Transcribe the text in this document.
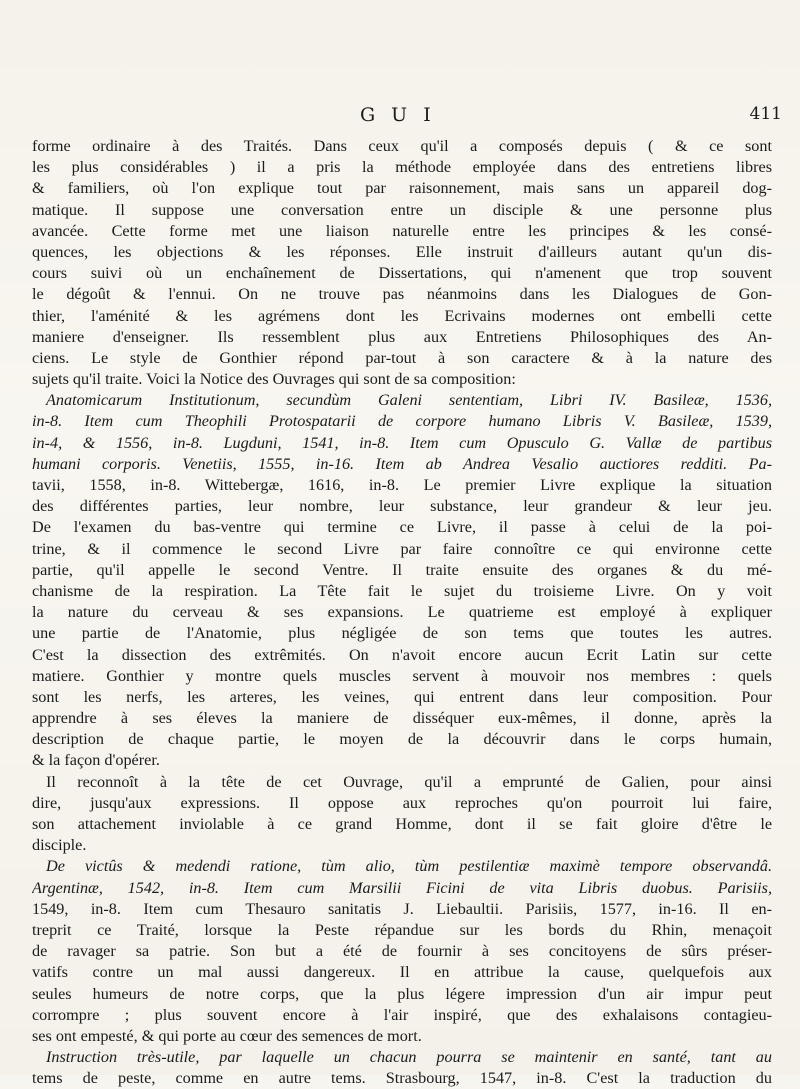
GUI	411
forme ordinaire à des Traités. Dans ceux qu'il a composés depuis ( & ce sont
les plus considérables ) il a pris la méthode employée dans des entretiens libres
& familiers, où l'on explique tout par raisonnement, mais sans un appareil dog-
matique. Il suppose une conversation entre un disciple & une personne plus
avancée. Cette forme met une liaison naturelle entre les principes & les consé-
quences, les objections & les réponses. Elle instruit d'ailleurs autant qu'un dis-
cours suivi où un enchaînement de Dissertations, qui n'amenent que trop souvent
le dégoût & l'ennui. On ne trouve pas néanmoins dans les Dialogues de Gon-
thier, l'aménité & les agrémens dont les Ecrivains modernes ont embelli cette
maniere d'enseigner. Ils ressemblent plus aux Entretiens Philosophiques des An-
ciens. Le style de Gonthier répond par-tout à son caractere & à la nature des
sujets qu'il traite. Voici la Notice des Ouvrages qui sont de sa composition:
Anatomicarum Institutionum, secundùm Galeni sententiam, Libri IV. Basileæ, 1536,
in-8. Item cum Theophili Protospatarii de corpore humano Libris V. Basileæ, 1539,
in-4, & 1556, in-8. Lugduni, 1541, in-8. Item cum Opusculo G. Vallæ de partibus
humani corporis. Venetiis, 1555, in-16. Item ab Andrea Vesalio auctiores redditi. Pa-
tavii, 1558, in-8. Wittebergæ, 1616, in-8. Le premier Livre explique la situation
des différentes parties, leur nombre, leur substance, leur grandeur & leur jeu.
De l'examen du bas-ventre qui termine ce Livre, il passe à celui de la poi-
trine, & il commence le second Livre par faire connoître ce qui environne cette
partie, qu'il appelle le second Ventre. Il traite ensuite des organes & du mé-
chanisme de la respiration. La Tête fait le sujet du troisieme Livre. On y voit
la nature du cerveau & ses expansions. Le quatrieme est employé à expliquer
une partie de l'Anatomie, plus négligée de son tems que toutes les autres.
C'est la dissection des extrêmités. On n'avoit encore aucun Ecrit Latin sur cette
matiere. Gonthier y montre quels muscles servent à mouvoir nos membres : quels
sont les nerfs, les arteres, les veines, qui entrent dans leur composition. Pour
apprendre à ses éleves la maniere de disséquer eux-mêmes, il donne, après la
description de chaque partie, le moyen de la découvrir dans le corps humain,
& la façon d'opérer.
Il reconnoît à la tête de cet Ouvrage, qu'il a emprunté de Galien, pour ainsi
dire, jusqu'aux expressions. Il oppose aux reproches qu'on pourroit lui faire,
son attachement inviolable à ce grand Homme, dont il se fait gloire d'être le
disciple.
De victûs & medendi ratione, tùm alio, tùm pestilentiæ maximè tempore observandâ.
Argentinæ, 1542, in-8. Item cum Marsilii Ficini de vita Libris duobus. Parisiis,
1549, in-8. Item cum Thesauro sanitatis J. Liebaultii. Parisiis, 1577, in-16. Il en-
treprit ce Traité, lorsque la Peste répandue sur les bords du Rhin, menaçoit
de ravager sa patrie. Son but a été de fournir à ses concitoyens de sûrs préser-
vatifs contre un mal aussi dangereux. Il en attribue la cause, quelquefois aux
seules humeurs de notre corps, que la plus légere impression d'un air impur peut
corrompre ; plus souvent encore à l'air inspiré, que des exhalaisons contagieu-
ses ont empesté, & qui porte au cœur des semences de mort.
Instruction très-utile, par laquelle un chacun pourra se maintenir en santé, tant au
tems de peste, comme en autre tems. Strasbourg, 1547, in-8. C'est la traduction du
